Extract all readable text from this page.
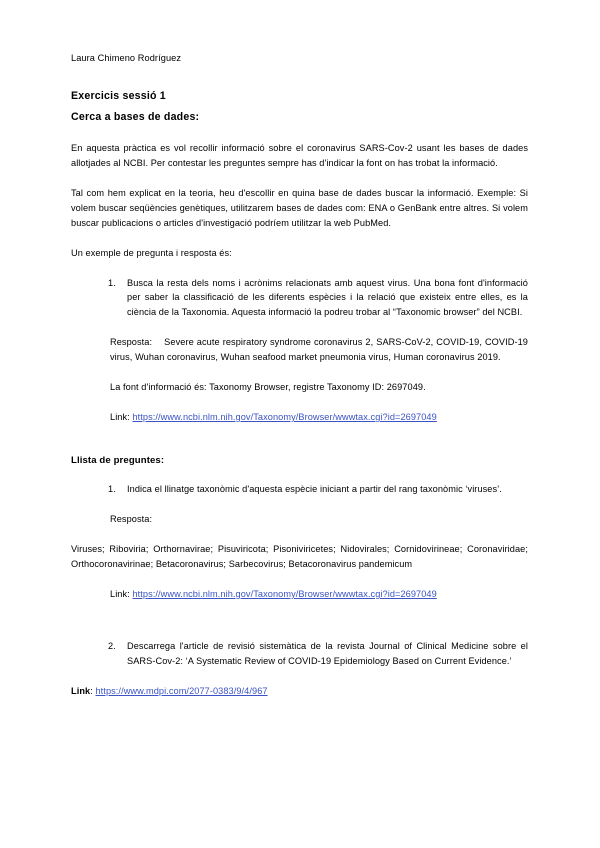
Laura Chimeno Rodríguez

Exercicis sessió 1
Cerca a bases de dades:

En aquesta pràctica es vol recollir informació sobre el coronavirus SARS-Cov-2 usant les bases de dades allotjades al NCBI. Per contestar les preguntes sempre has d'indicar la font on has trobat la informació.

Tal com hem explicat en la teoria, heu d'escollir en quina base de dades buscar la informació. Exemple: Si volem buscar seqüències genètiques, utilitzarem bases de dades com: ENA o GenBank entre altres. Si volem buscar publicacions o articles d'investigació podríem utilitzar la web PubMed.

Un exemple de pregunta i resposta és:

1.	Busca la resta dels noms i acrònims relacionats amb aquest virus. Una bona font d'informació per saber la classificació de les diferents espècies i la relació que existeix entre elles, es la ciència de la Taxonomia. Aquesta informació la podreu trobar al “Taxonomic browser” del NCBI.
Resposta:    Severe acute respiratory syndrome coronavirus 2, SARS-CoV-2, COVID-19, COVID-19 virus, Wuhan coronavirus, Wuhan seafood market pneumonia virus, Human coronavirus 2019.
La font d'informació és: Taxonomy Browser, registre Taxonomy ID: 2697049.
Link: https://www.ncbi.nlm.nih.gov/Taxonomy/Browser/wwwtax.cgi?id=2697049
Llista de preguntes:
1.	Indica el llinatge taxonòmic d'aquesta espècie iniciant a partir del rang taxonòmic ‘viruses’.
Resposta:
Viruses; Riboviria; Orthornavirae; Pisuviricota; Pisoniviricetes; Nidovirales; Cornidovirineae; Coronaviridae; Orthocoronavirinae; Betacoronavirus; Sarbecovirus; Betacoronavirus pandemicum
Link: https://www.ncbi.nlm.nih.gov/Taxonomy/Browser/wwwtax.cgi?id=2697049
2.	Descarrega l'article de revisió sistemàtica de la revista Journal of Clinical Medicine sobre el SARS-Cov-2: ‘A Systematic Review of COVID-19 Epidemiology Based on Current Evidence.’
Link: https://www.mdpi.com/2077-0383/9/4/967
